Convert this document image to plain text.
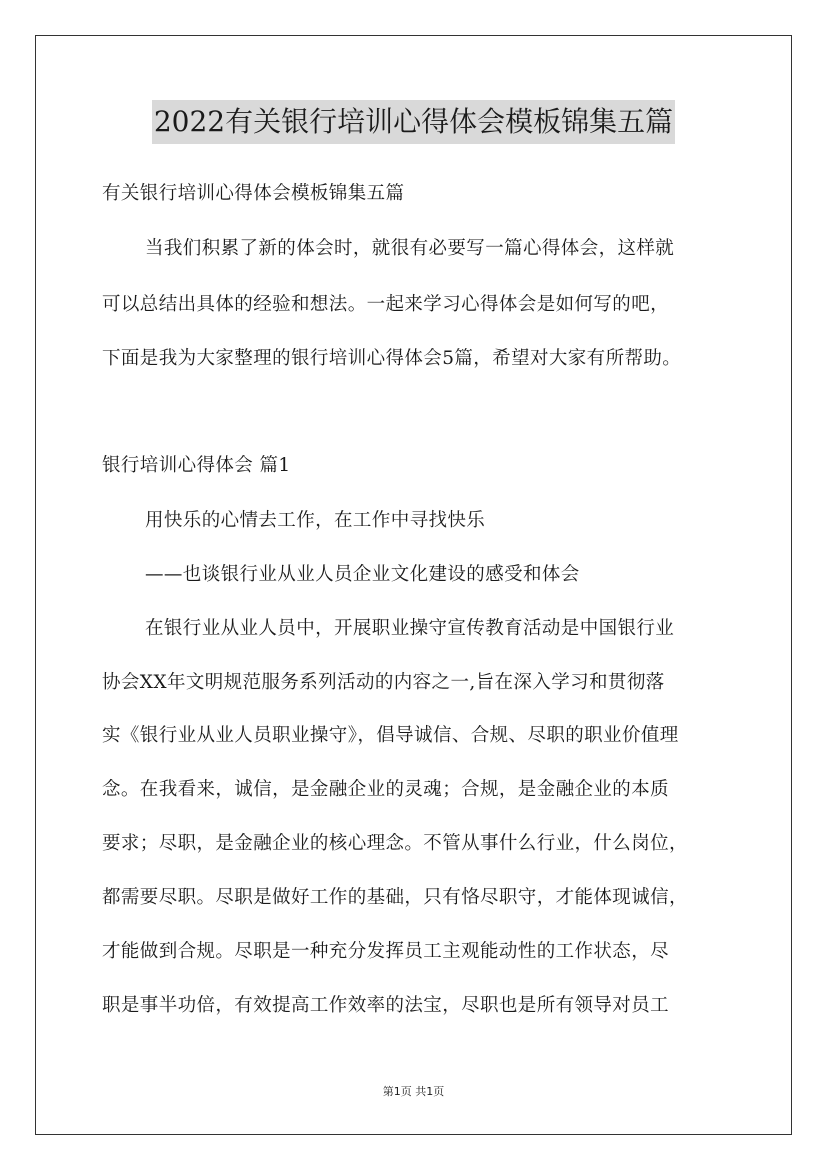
2022有关银行培训心得体会模板锦集五篇
有关银行培训心得体会模板锦集五篇
当我们积累了新的体会时，就很有必要写一篇心得体会，这样就
可以总结出具体的经验和想法。一起来学习心得体会是如何写的吧，
下面是我为大家整理的银行培训心得体会5篇，希望对大家有所帮助。
银行培训心得体会 篇1
用快乐的心情去工作，在工作中寻找快乐
——也谈银行业从业人员企业文化建设的感受和体会
在银行业从业人员中，开展职业操守宣传教育活动是中国银行业
协会XX年文明规范服务系列活动的内容之一,旨在深入学习和贯彻落
实《银行业从业人员职业操守》，倡导诚信、合规、尽职的职业价值理
念。在我看来，诚信，是金融企业的灵魂；合规，是金融企业的本质
要求；尽职，是金融企业的核心理念。不管从事什么行业，什么岗位，
都需要尽职。尽职是做好工作的基础，只有恪尽职守，才能体现诚信，
才能做到合规。尽职是一种充分发挥员工主观能动性的工作状态，尽
职是事半功倍，有效提高工作效率的法宝，尽职也是所有领导对员工
第1页 共1页
